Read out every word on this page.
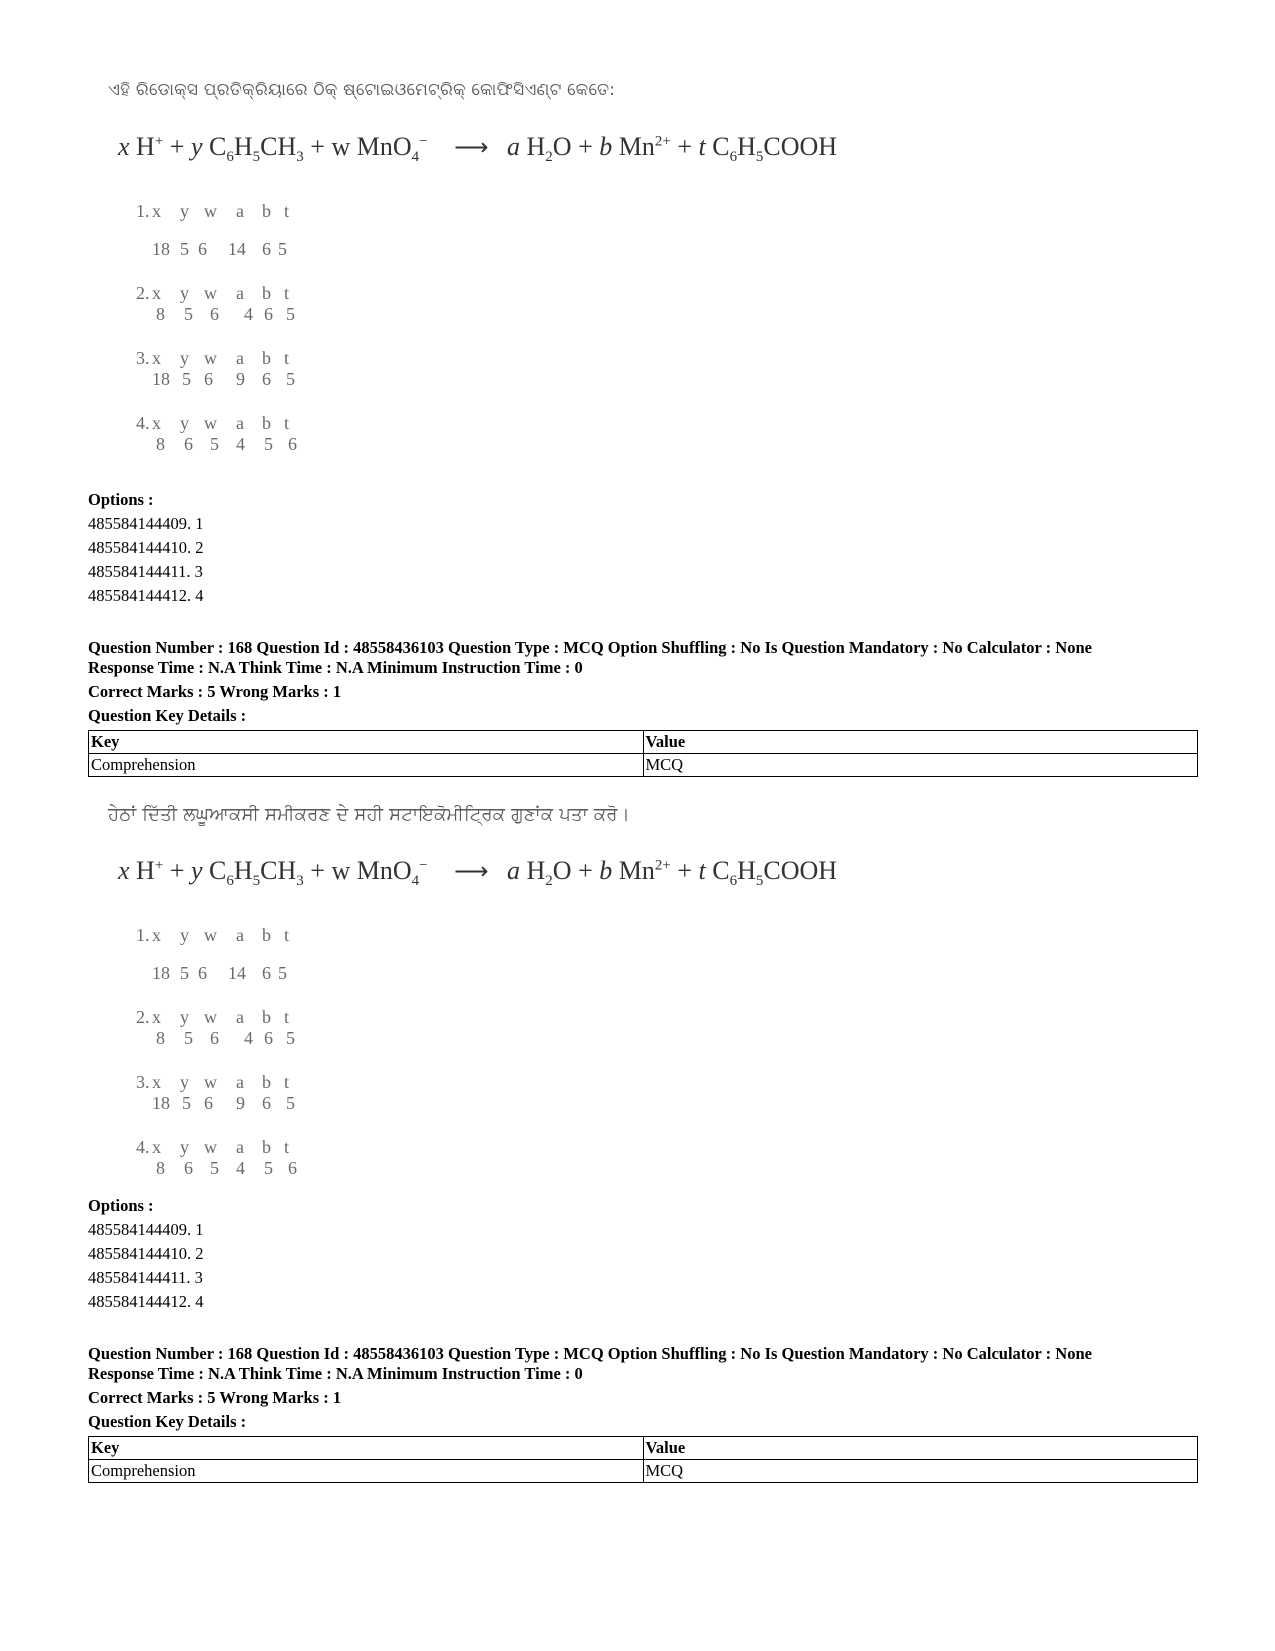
ଏହି ରିଡୋକ୍ସ ପ୍ରତିକ୍ରିୟାରେ ଠିକ୍ ଷ୍ଟୋଇଓମେଟ୍ରିକ୍ କୋଫିସିଏଣ୍ଟ କେତେ:
x H+ + y $C_6H_5CH_3 + w$ MnO$_4$− ⟶ a $H_2O + b$ $Mn^{2+} + t$ $C_6H_5COOH$
1. x y w a b t
18 5 6 14 6 5
2. x y w a b t
8 5 6 4 6 5
3. x y w a b t
18 5 6 9 6 5
4. x y w a b t
8 6 5 4 5 6
Options :
485584144409. 1
485584144410. 2
485584144411. 3
485584144412. 4
Question Number : 168 Question Id : 48558436103 Question Type : MCQ Option Shuffling : No Is Question Mandatory : No Calculator : None
Response Time : N.A Think Time : N.A Minimum Instruction Time : 0
Correct Marks : 5 Wrong Marks : 1
Question Key Details :
Key	Value
Comprehension	MCQ
ਹੇਠਾਂ ਦਿੱਤੀ ਲਘੂਆਕਸੀ ਸਮੀਕਰਣ ਦੇ ਸਹੀ ਸਟਾਇਕੋਮੀਟ੍ਰਿਕ ਗੁਣਾਂਕ ਪਤਾ ਕਰੋ।
x H+ + y $C_6H_5CH_3 + w$ MnO$_4$− ⟶ a $H_2O + b$ $Mn^{2+} + t$ $C_6H_5COOH$
1. x y w a b t
18 5 6 14 6 5
2. x y w a b t
8 5 6 4 6 5
3. x y w a b t
18 5 6 9 6 5
4. x y w a b t
8 6 5 4 5 6
Options :
485584144409. 1
485584144410. 2
485584144411. 3
485584144412. 4
Question Number : 168 Question Id : 48558436103 Question Type : MCQ Option Shuffling : No Is Question Mandatory : No Calculator : None
Response Time : N.A Think Time : N.A Minimum Instruction Time : 0
Correct Marks : 5 Wrong Marks : 1
Question Key Details :
Key	Value
Comprehension	MCQ
